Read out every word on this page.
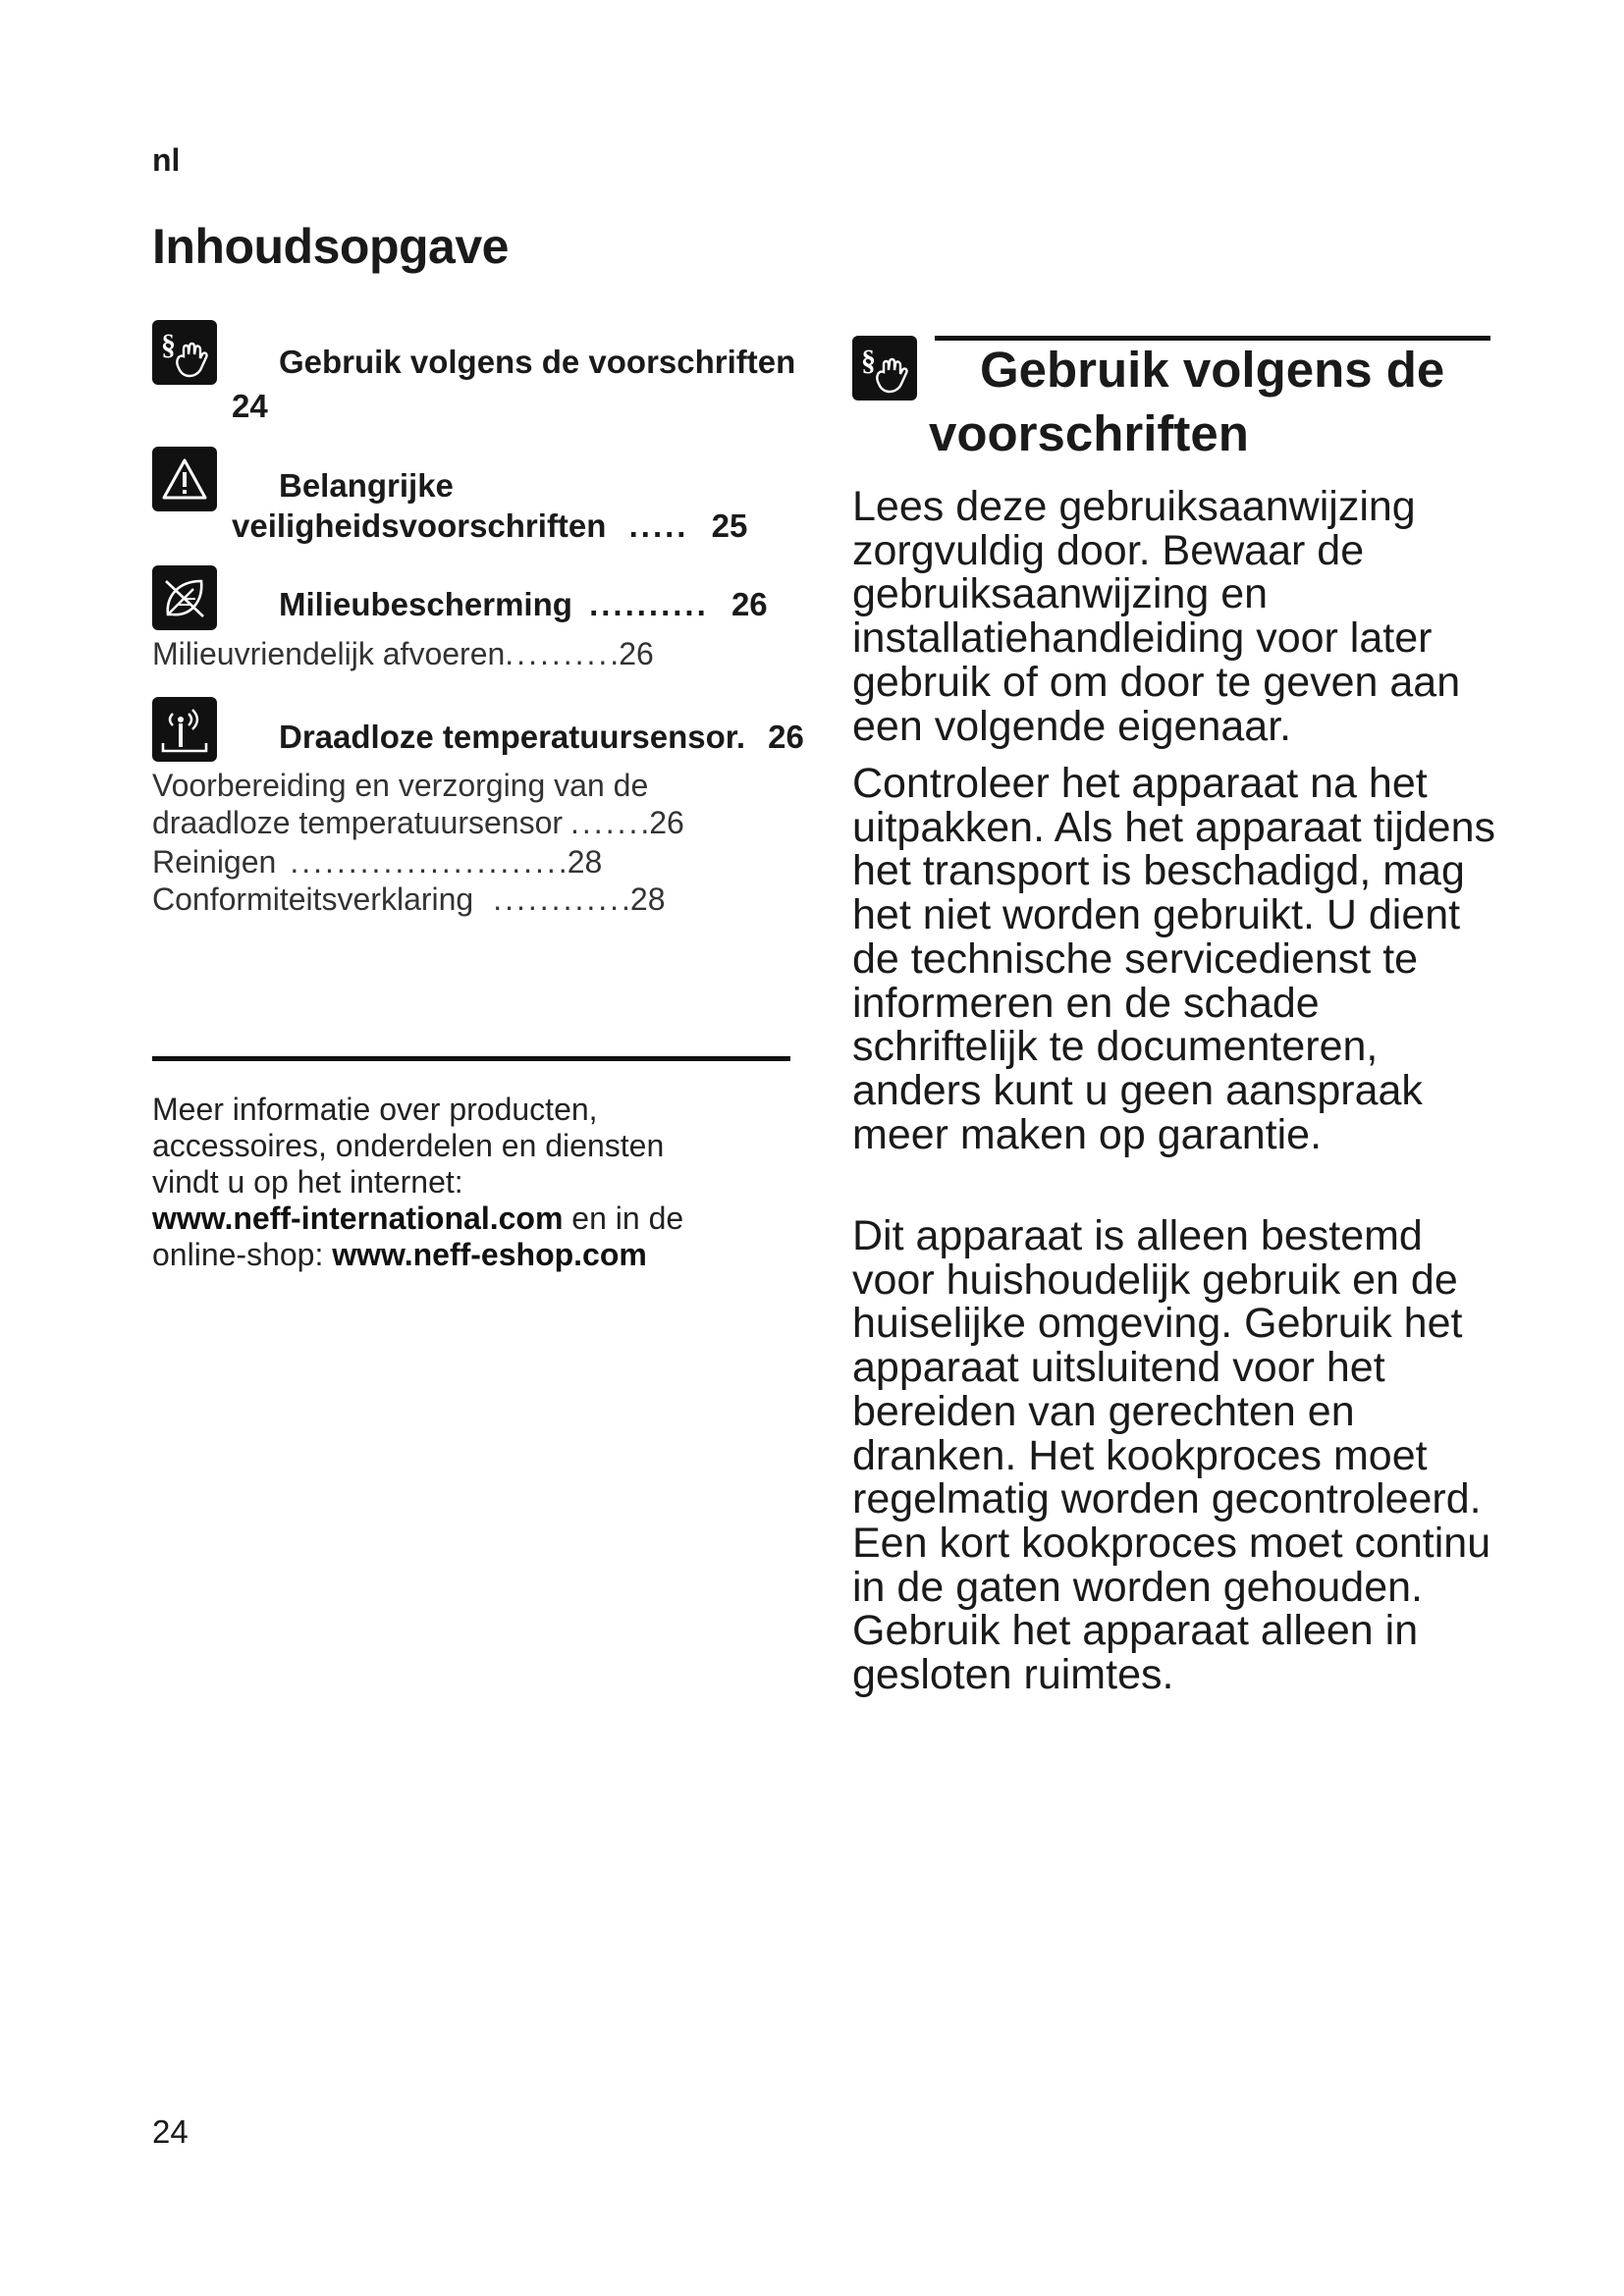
nl
Inhoudsopgave
§	Gebruik volgens de voorschriften
24
Belangrijke
veiligheidsvoorschriften ..... 25
Milieubescherming .......... 26
Milieuvriendelijk afvoeren..........26
Draadloze temperatuursensor. 26
Voorbereiding en verzorging van de
draadloze temperatuursensor .......26
Reinigen ........................28
Conformiteitsverklaring ............28
Meer informatie over producten,
accessoires, onderdelen en diensten
vindt u op het internet:
www.neff-international.com en in de
online-shop: www.neff-eshop.com
§ Gebruik volgens de
voorschriften

Lees deze gebruiksaanwijzing zorgvuldig door. Bewaar de gebruiksaanwijzing en installatiehandleiding voor later gebruik of om door te geven aan een volgende eigenaar.

Controleer het apparaat na het uitpakken. Als het apparaat tijdens het transport is beschadigd, mag het niet worden gebruikt. U dient de technische servicedienst te informeren en de schade schriftelijk te documenteren, anders kunt u geen aanspraak meer maken op garantie.

Dit apparaat is alleen bestemd voor huishoudelijk gebruik en de huiselijke omgeving. Gebruik het apparaat uitsluitend voor het bereiden van gerechten en dranken. Het kookproces moet regelmatig worden gecontroleerd. Een kort kookproces moet continu in de gaten worden gehouden. Gebruik het apparaat alleen in gesloten ruimtes.

24
